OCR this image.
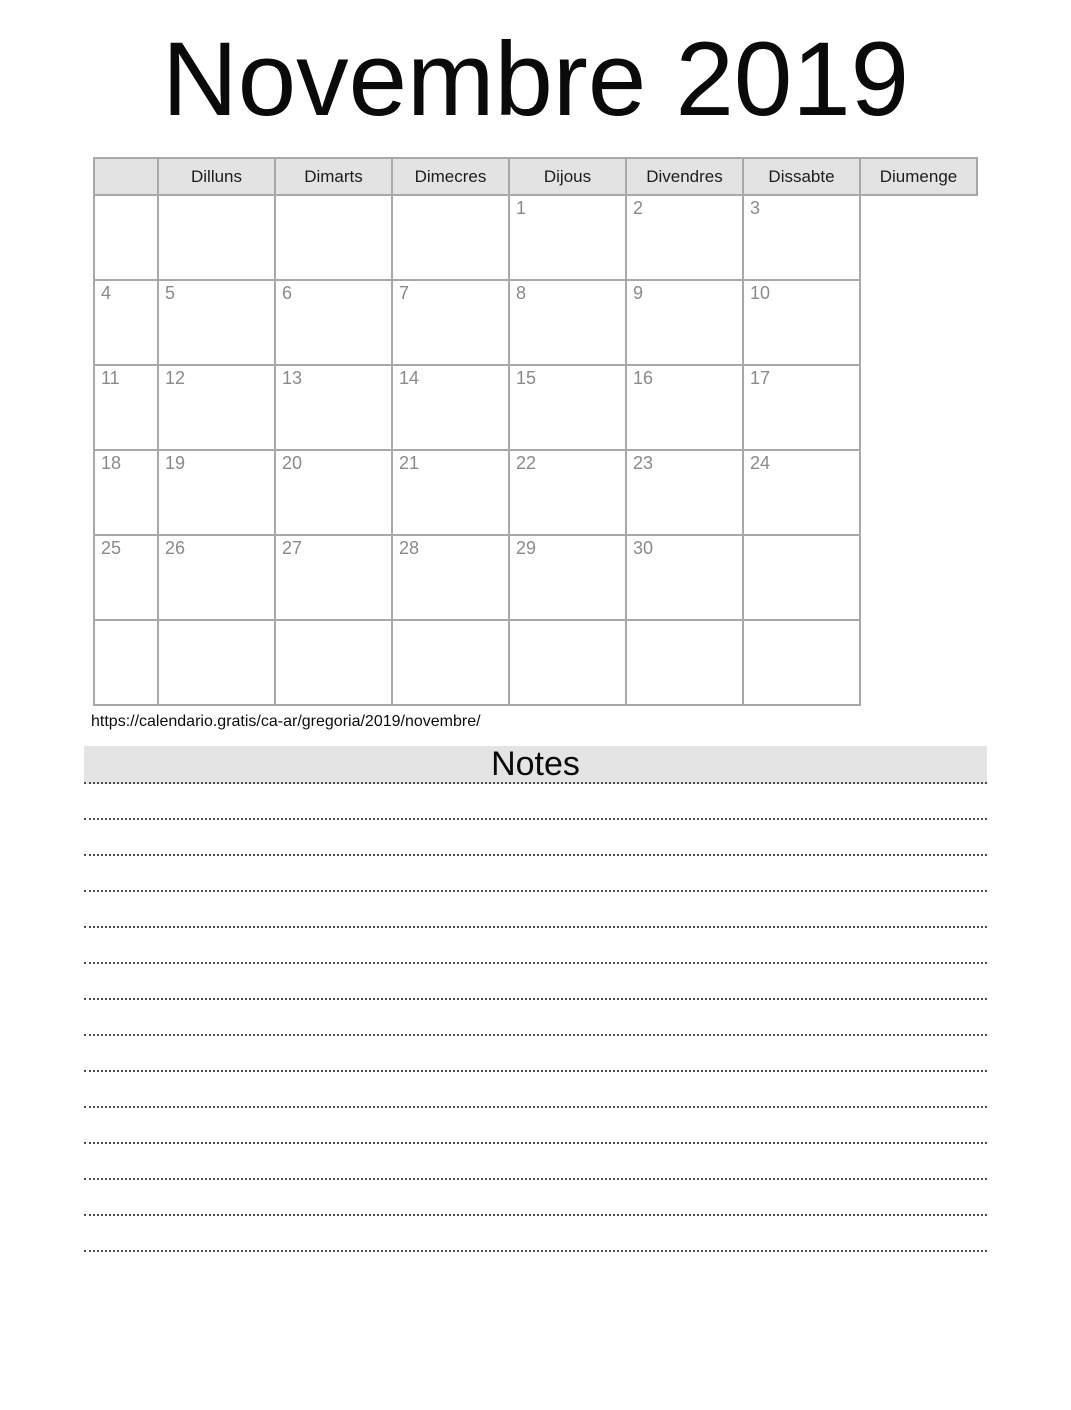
Novembre 2019
	Dilluns	Dimarts	Dimecres	Dijous	Divendres	Dissabte	Diumenge
				1	2	3	
4	5	6	7	8	9	10	
11	12	13	14	15	16	17	
18	19	20	21	22	23	24	
25	26	27	28	29	30		

https://calendario.gratis/ca-ar/gregoria/2019/novembre/
Notes
